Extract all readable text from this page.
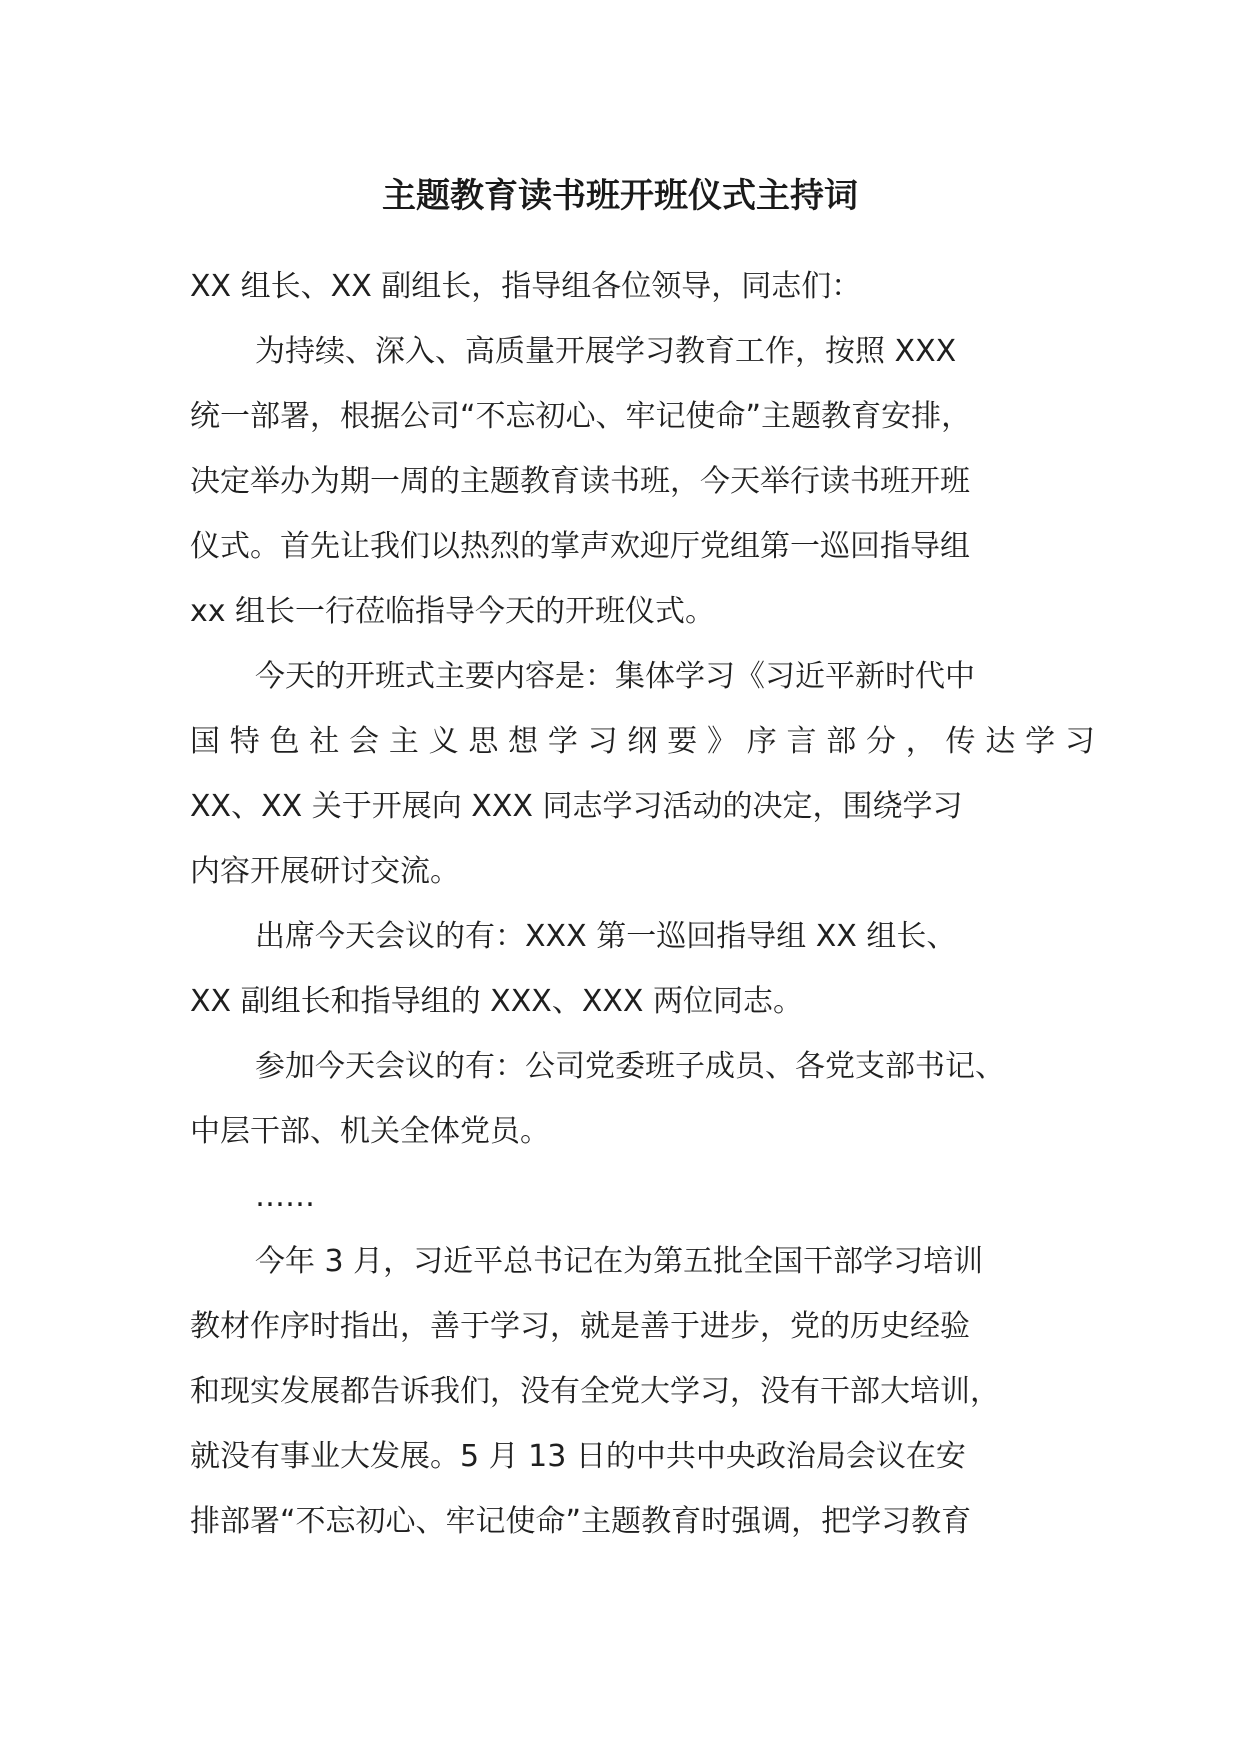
主题教育读书班开班仪式主持词
XX 组长、XX 副组长，指导组各位领导，同志们：
为持续、深入、高质量开展学习教育工作，按照 XXX
统一部署，根据公司“不忘初心、牢记使命”主题教育安排，
决定举办为期一周的主题教育读书班，今天举行读书班开班
仪式。首先让我们以热烈的掌声欢迎厅党组第一巡回指导组
xx 组长一行莅临指导今天的开班仪式。
今天的开班式主要内容是：集体学习《习近平新时代中
国 特 色 社 会 主 义 思 想 学 习 纲 要 》 序 言 部 分 ， 传 达 学 习
XX、XX 关于开展向 XXX 同志学习活动的决定，围绕学习
内容开展研讨交流。
出席今天会议的有：XXX 第一巡回指导组 XX 组长、
XX 副组长和指导组的 XXX、XXX 两位同志。
参加今天会议的有：公司党委班子成员、各党支部书记、
中层干部、机关全体党员。
……
今年 3 月，习近平总书记在为第五批全国干部学习培训
教材作序时指出，善于学习，就是善于进步，党的历史经验
和现实发展都告诉我们，没有全党大学习，没有干部大培训，
就没有事业大发展。5 月 13 日的中共中央政治局会议在安
排部署“不忘初心、牢记使命”主题教育时强调，把学习教育
